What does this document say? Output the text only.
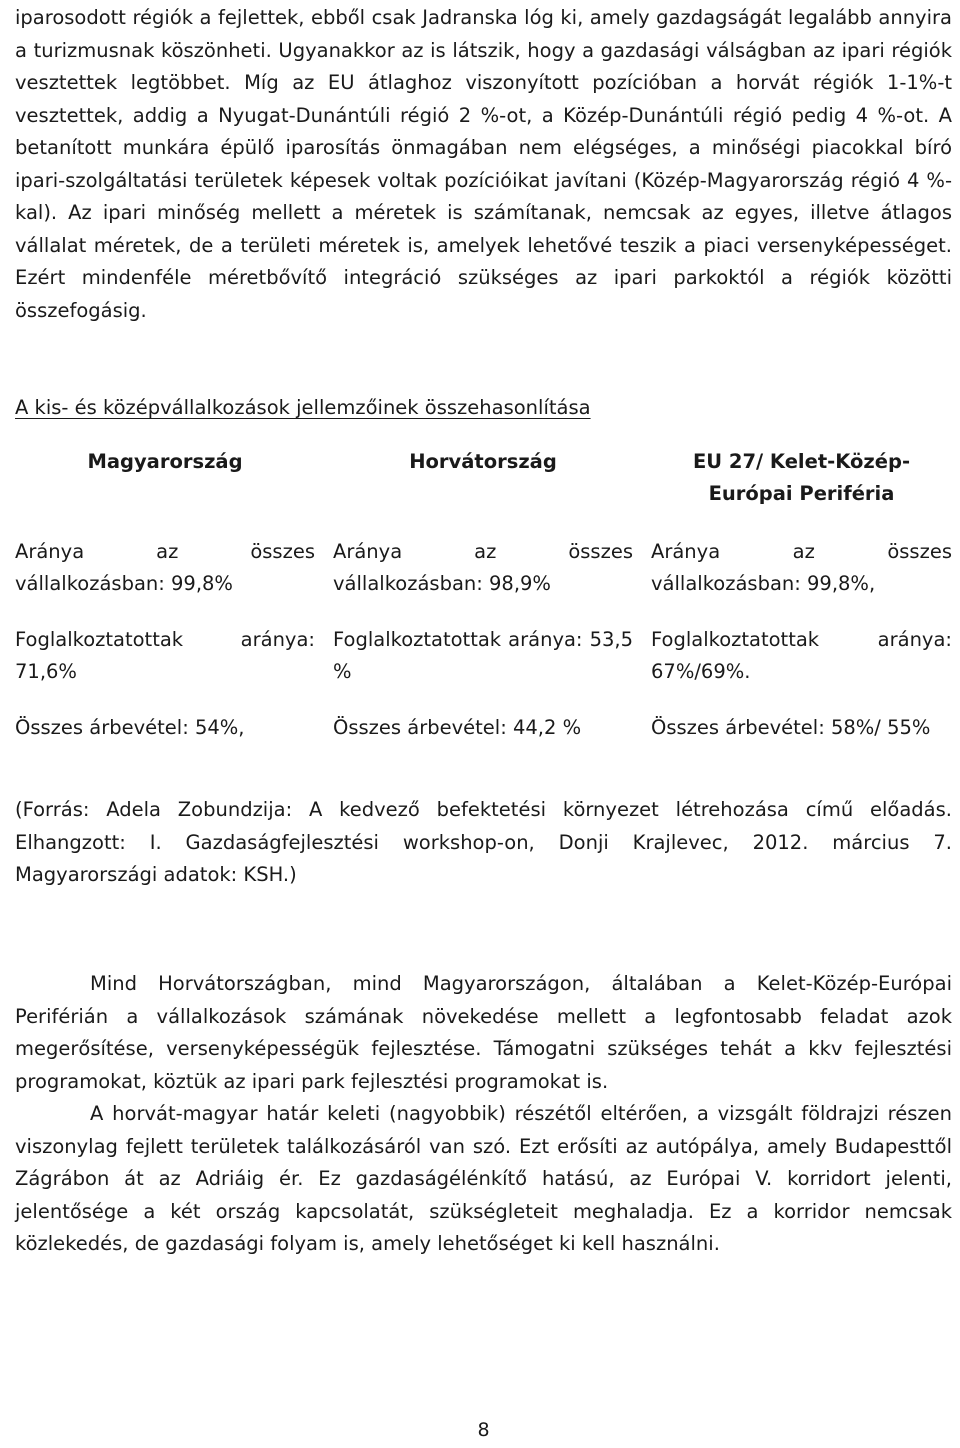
iparosodott régiók a fejlettek, ebből csak Jadranska lóg ki, amely gazdagságát legalább annyira a turizmusnak köszönheti. Ugyanakkor az is látszik, hogy a gazdasági válságban az ipari régiók vesztettek legtöbbet. Míg az EU átlaghoz viszonyított pozícióban a horvát régiók 1-1%-t vesztettek, addig a Nyugat-Dunántúli régió 2 %-ot, a Közép-Dunántúli régió pedig 4 %-ot. A betanított munkára épülő iparosítás önmagában nem elégséges, a minőségi piacokkal bíró ipari-szolgáltatási területek képesek voltak pozícióikat javítani (Közép-Magyarország régió 4 %-kal). Az ipari minőség mellett a méretek is számítanak, nemcsak az egyes, illetve átlagos vállalat méretek, de a területi méretek is, amelyek lehetővé teszik a piaci versenyképességet. Ezért mindenféle méretbővítő integráció szükséges az ipari parkoktól a régiók közötti összefogásig.

A kis- és középvállalkozások jellemzőinek összehasonlítása
Magyarország	Horvátország	EU 27/ Kelet-Közép-Európai Periféria

Aránya az összes vállalkozásban: 99,8%	Aránya az összes vállalkozásban: 98,9%	Aránya az összes vállalkozásban: 99,8%,

Foglalkoztatottak aránya: 71,6%	Foglalkoztatottak aránya: 53,5 %	Foglalkoztatottak aránya: 67%/69%.

Összes árbevétel: 54%,	Összes árbevétel: 44,2 %	Összes árbevétel: 58%/ 55%

(Forrás: Adela Zobundzija: A kedvező befektetési környezet létrehozása című előadás. Elhangzott: I. Gazdaságfejlesztési workshop-on, Donji Krajlevec, 2012. március 7. Magyarországi adatok: KSH.)

Mind Horvátországban, mind Magyarországon, általában a Kelet-Közép-Európai Periférián a vállalkozások számának növekedése mellett a legfontosabb feladat azok megerősítése, versenyképességük fejlesztése. Támogatni szükséges tehát a kkv fejlesztési programokat, köztük az ipari park fejlesztési programokat is.

A horvát-magyar határ keleti (nagyobbik) részétől eltérően, a vizsgált földrajzi részen viszonylag fejlett területek találkozásáról van szó. Ezt erősíti az autópálya, amely Budapesttől Zágrábon át az Adriáig ér. Ez gazdaságélénkítő hatású, az Európai V. korridort jelenti, jelentősége a két ország kapcsolatát, szükségleteit meghaladja. Ez a korridor nemcsak közlekedés, de gazdasági folyam is, amely lehetőséget ki kell használni.

8
